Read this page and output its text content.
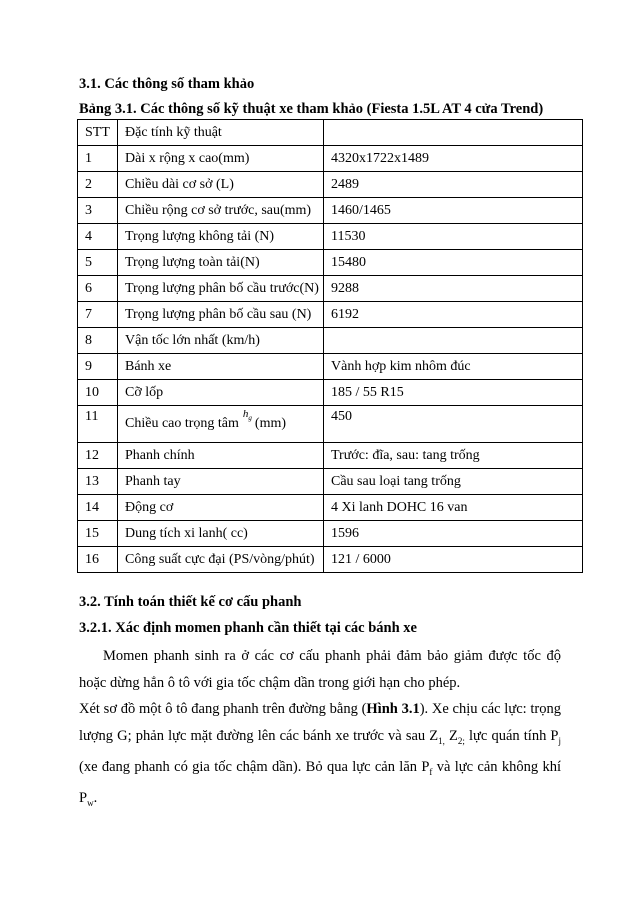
3.1. Các thông số tham khảo
Bảng 3.1. Các thông số kỹ thuật xe tham khảo (Fiesta 1.5L AT 4 cửa Trend)
STT	Đặc tính kỹ thuật	
1	Dài x rộng x cao(mm)	4320x1722x1489
2	Chiều dài cơ sở (L)	2489
3	Chiều rộng cơ sở trước, sau(mm)	1460/1465
4	Trọng lượng không tải (N)	11530
5	Trọng lượng toàn tải(N)	15480
6	Trọng lượng phân bố cầu trước(N)	9288
7	Trọng lượng phân bố cầu sau (N)	6192
8	Vận tốc lớn nhất (km/h)	
9	Bánh xe	Vành hợp kim nhôm đúc
10	Cỡ lốp	185 / 55 R15
11	Chiều cao trọng tâm$^{h_g}$ (mm)	450
12	Phanh chính	Trước: đĩa, sau: tang trống
13	Phanh tay	Cầu sau loại tang trống
14	Động cơ	4 Xi lanh DOHC 16 van
15	Dung tích xi lanh( cc)	1596
16	Công suất cực đại (PS/vòng/phút)	121 / 6000
3.2. Tính toán thiết kế cơ cấu phanh
3.2.1. Xác định momen phanh cần thiết tại các bánh xe
Momen phanh sinh ra ở các cơ cấu phanh phải đảm bảo giảm được tốc độ hoặc dừng hẳn ô tô với gia tốc chậm dần trong giới hạn cho phép.
Xét sơ đồ một ô tô đang phanh trên đường bằng (Hình 3.1). Xe chịu các lực: trọng lượng G; phản lực mặt đường lên các bánh xe trước và sau $Z_{1,}$ $Z_{2;}$ lực quán tính $P_j$ (xe đang phanh có gia tốc chậm dần). Bỏ qua lực cản lăn $P_f$ và lực cản không khí $P_w$.
